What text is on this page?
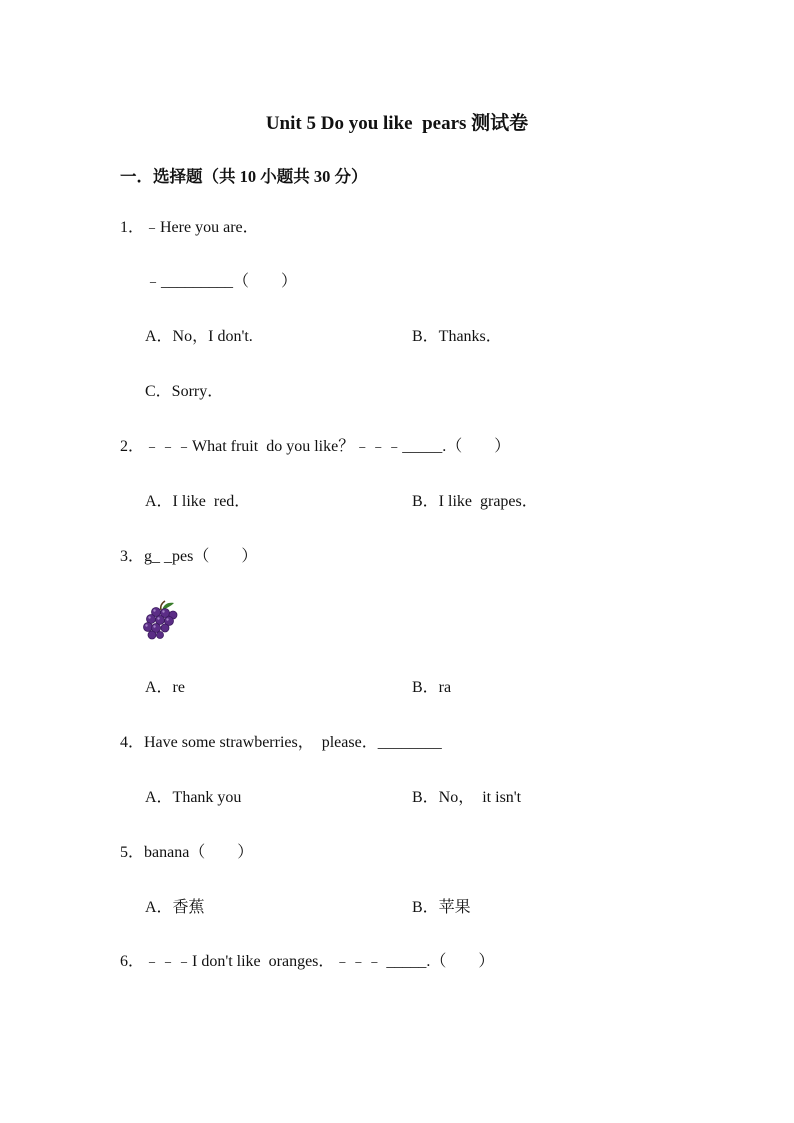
Unit 5 Do you like  pears 测试卷
一．选择题（共 10 小题共 30 分）
1．﹣Here you are．
﹣_________（　　）
A．No，I don't.	B．Thanks．
C．Sorry．
2．﹣﹣﹣What fruit  do you like？﹣﹣﹣_____.（　　）
A．I like  red．	B．I like  grapes．
3．g_ _pes（　　）
A．re	B．ra
4．Have some strawberries，  please．________
A．Thank you	B．No，  it isn't
5．banana（　　）
A．香蕉	B．苹果
6．﹣﹣﹣I don't like  oranges．﹣﹣﹣ _____.（　　）
